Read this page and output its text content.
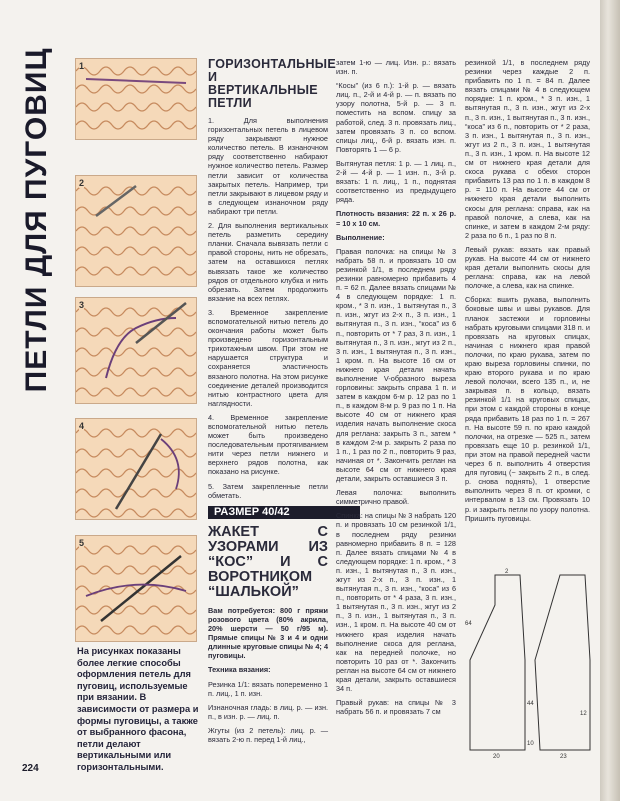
ПЕТЛИ ДЛЯ ПУГОВИЦ	1
2
3
4
5
На рисунках показаны более легкие способы оформления петель для пуговиц, используемые при вязании. В зависимости от размера и формы пуговицы, а также от выбранного фасона, петли делают вертикальными или горизонтальными.
224
ГОРИЗОНТАЛЬНЫЕ И ВЕРТИКАЛЬНЫЕ ПЕТЛИ

1. Для выполнения горизонтальных петель в лицевом ряду закрывают нужное количество петель. В изнаночном ряду соответственно набирают нужное количество петель. Размер петли зависит от количества закрытых петель. Например, три петли закрывают в лицевом ряду и в следующем изнаночном ряду набирают три петли.

2. Для выполнения вертикальных петель разметить середину планки. Сначала вывязать петли с правой стороны, нить не обрезать, затем на оставшихся петлях вывязать такое же количество рядов от отдельного клубка и нить обрезать. Затем продолжить вязание на всех петлях.

3. Временное закрепление вспомогательной нитью петель до окончания работы может быть произведено горизонтальным трикотажным швом. При этом не нарушается структура и сохраняется эластичность вязаного полотна. На этом рисунке соединение деталей производится нитью контрастного цвета для наглядности.

4. Временное закрепление вспомогательной нитью петель может быть произведено последовательным протягиванием нити через петли нижнего и верхнего рядов полотна, как показано на рисунке.

5. Затем закрепленные петли обметать.

РАЗМЕР 40/42
ЖАКЕТ С УЗОРАМИ ИЗ “КОС” И С ВОРОТНИКОМ “ШАЛЬКОЙ”

Вам потребуется: 800 г пряжи розового цвета (80% акрила, 20% шерсти — 50 г/95 м). Прямые спицы № 3 и 4 и одни длинные круговые спицы № 4; 4 пуговицы.

Техника вязания:

Резинка 1/1: вязать попеременно 1 п. лиц., 1 п. изн.

Изнаночная гладь: в лиц. р. — изн. п., в изн. р. — лиц. п.

Жгуты (из 2 петель): лиц. р. — вязать 2-ю п. перед 1-й лиц.,

затем 1-ю — лиц. Изн. р.: вязать изн. п.

“Косы” (из 6 п.): 1-й р. — вязать лиц. п., 2-й и 4-й р. — п. вязать по узору полотна, 5-й р. — 3 п. поместить на вспом. спицу за работой, след. 3 п. провязать лиц., затем провязать 3 п. со вспом. спицы лиц., 6-й р. вязать изн. п. Повторять 1 — 6 р.

Вытянутая петля: 1 р. — 1 лиц. п., 2-й — 4-й р. — 1 изн. п., 3-й р. вязать: 1 п. лиц., 1 п., поднятая соответственно из предыдущего ряда.

Плотность вязания: 22 п. х 26 р. = 10 х 10 см.

Выполнение:

Правая полочка: на спицы № 3 набрать 58 п. и провязать 10 см резинкой 1/1, в последнем ряду резинки равномерно прибавить 4 п. = 62 п. Далее вязать спицами № 4 в следующем порядке: 1 п. кром., * 3 п. изн., 1 вытянутая п., 3 п. изн., жгут из 2-х п., 3 п. изн., 1 вытянутая п., 3 п. изн., “коса” из 6 п., повторить от * 7 раз, 3 п. изн., 1 вытянутая п., 3 п. изн., жгут из 2 п., 3 п. изн., 1 вытянутая п., 3 п. изн., 1 кром. п. На высоте 16 см от нижнего края детали начать выполнение V-образного выреза горловины: закрыть справа 1 п. и затем в каждом 6-м р. 12 раз по 1 п., в каждом 8-м р. 9 раз по 1 п. На высоте 40 см от нижнего края изделия начать выполнение скоса для реглана: закрыть 3 п., затем * в каждом 2-м р. закрыть 2 раза по 1 п., 1 раз по 2 п., повторить 9 раз, начиная от *. Закончить реглан на высоте 64 см от нижнего края детали, закрыть оставшиеся 3 п.

Левая полочка: выполнить симметрично правой.

Спинка: на спицы № 3 набрать 120 п. и провязать 10 см резинкой 1/1, в последнем ряду резинки равномерно прибавить 8 п. = 128 п. Далее вязать спицами № 4 в следующем порядке: 1 п. кром., * 3 п. изн., 1 вытянутая п., 3 п. изн., жгут из 2-х п., 3 п. изн., 1 вытянутая п., 3 п. изн., “коса” из 6 п., повторить от * 4 раза, 3 п. изн., 1 вытянутая п., 3 п. изн., жгут из 2 п., 3 п. изн., 1 вытянутая п., 3 п. изн., 1 кром. п. На высоте 40 см от нижнего края изделия начать выполнение скоса для реглана, как на передней полочке, но повторить 10 раз от *. Закончить реглан на высоте 64 см от нижнего края детали, закрыть оставшиеся 34 п.

Правый рукав: на спицы № 3 набрать 56 п. и провязать 7 см

резинкой 1/1, в последнем ряду резинки через каждые 2 п. прибавить по 1 п. = 84 п. Далее вязать спицами № 4 в следующем порядке: 1 п. кром., * 3 п. изн., 1 вытянутая п., 3 п. изн., жгут из 2-х п., 3 п. изн., 1 вытянутая п., 3 п. изн., “коса” из 6 п., повторить от * 2 раза, 3 п. изн., 1 вытянутая п., 3 п. изн., жгут из 2 п., 3 п. изн., 1 вытянутая п., 3 п. изн., 1 кром. п. На высоте 12 см от нижнего края детали для скоса рукава с обеих сторон прибавить 13 раз по 1 п. в каждом 8 р. = 110 п. На высоте 44 см от нижнего края детали выполнить скосы для реглана: справа, как на правой полочке, а слева, как на спинке, и затем в каждом 2-м ряду: 2 раза по 6 п., 1 раз по 8 п.

Левый рукав: вязать как правый рукав. На высоте 44 см от нижнего края детали выполнить скосы для реглана: справа, как на левой полочке, а слева, как на спинке.

Сборка: вшить рукава, выполнить боковые швы и швы рукавов. Для планок застежки и горловины набрать круговыми спицами 318 п. и провязать на круговых спицах, начиная с нижнего края правой полочки, по краю рукава, затем по краю выреза горловины спинки, по краю второго рукава и по краю левой полочки, всего 135 п., и, не закрывая п. в кольцо, вязать резинкой 1/1 на круговых спицах, при этом с каждой стороны в конце ряда прибавить 18 раз по 1 п. = 267 п. На высоте 59 п. по краю каждой полочки, на отрезке — 525 п., затем провязать еще 10 р. резинкой 1/1, при этом на правой передней части через 6 п. выполнить 4 отверстия для пуговиц (~ закрыть 2 п., в след. р. снова поднять), 1 отверстие выполнить через 8 п. от кромки, с интервалом в 13 см. Провязать 10 р. и закрыть петли по узору полотна. Пришить пуговицы.

20
44
10
12
64
2
23
